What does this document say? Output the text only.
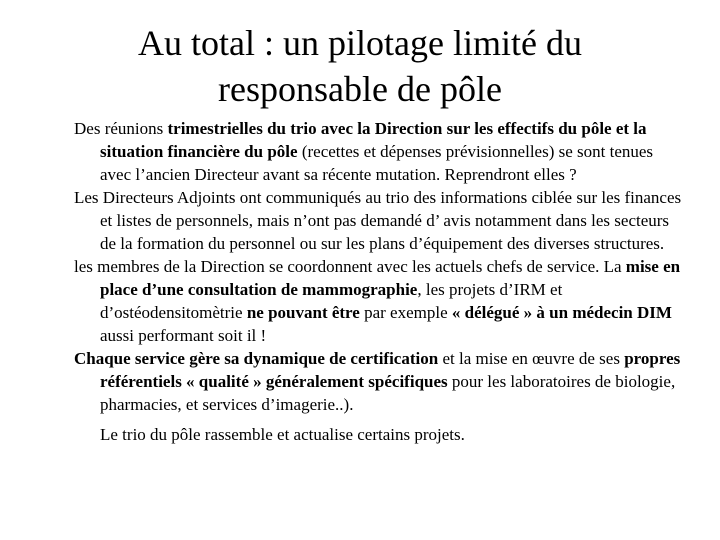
Au total : un pilotage limité du
responsable de pôle

Des réunions trimestrielles du trio avec la Direction sur les effectifs du pôle et la situation financière du pôle (recettes et dépenses prévisionnelles) se sont tenues avec l’ancien Directeur avant sa récente mutation. Reprendront elles ?

Les Directeurs Adjoints ont communiqués au trio des informations ciblée sur les finances et listes de personnels, mais n’ont pas demandé d’ avis notamment dans les secteurs de la formation du personnel ou sur les plans d’équipement des diverses structures.

les membres de la Direction se coordonnent avec les actuels chefs de service. La mise en place d’une consultation de mammographie, les projets d’IRM et d’ostéodensitomètrie ne pouvant être par exemple « délégué » à un médecin DIM aussi performant soit il !

Chaque service gère sa dynamique de certification et la mise en œuvre de ses propres référentiels « qualité » généralement spécifiques pour les laboratoires de biologie, pharmacies, et services d’imagerie..).

Le trio du pôle rassemble et actualise certains projets.
